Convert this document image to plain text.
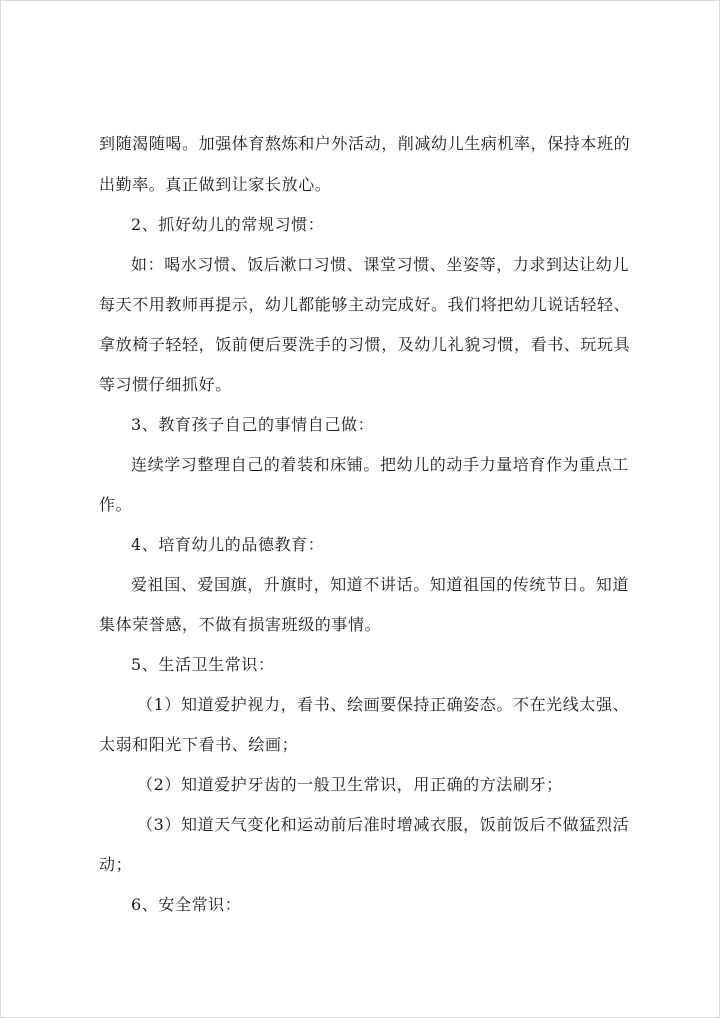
到随渴随喝。加强体育熬炼和户外活动，削减幼儿生病机率，保持本班的
出勤率。真正做到让家长放心。
2、抓好幼儿的常规习惯：
如：喝水习惯、饭后漱口习惯、课堂习惯、坐姿等，力求到达让幼儿
每天不用教师再提示，幼儿都能够主动完成好。我们将把幼儿说话轻轻、
拿放椅子轻轻，饭前便后要洗手的习惯，及幼儿礼貌习惯，看书、玩玩具
等习惯仔细抓好。
3、教育孩子自己的事情自己做：
连续学习整理自己的着装和床铺。把幼儿的动手力量培育作为重点工
作。
4、培育幼儿的品德教育：
爱祖国、爱国旗，升旗时，知道不讲话。知道祖国的传统节日。知道
集体荣誉感，不做有损害班级的事情。
5、生活卫生常识：
（1）知道爱护视力，看书、绘画要保持正确姿态。不在光线太强、
太弱和阳光下看书、绘画；
（2）知道爱护牙齿的一般卫生常识，用正确的方法刷牙；
（3）知道天气变化和运动前后准时增减衣服，饭前饭后不做猛烈活
动；
6、安全常识：
